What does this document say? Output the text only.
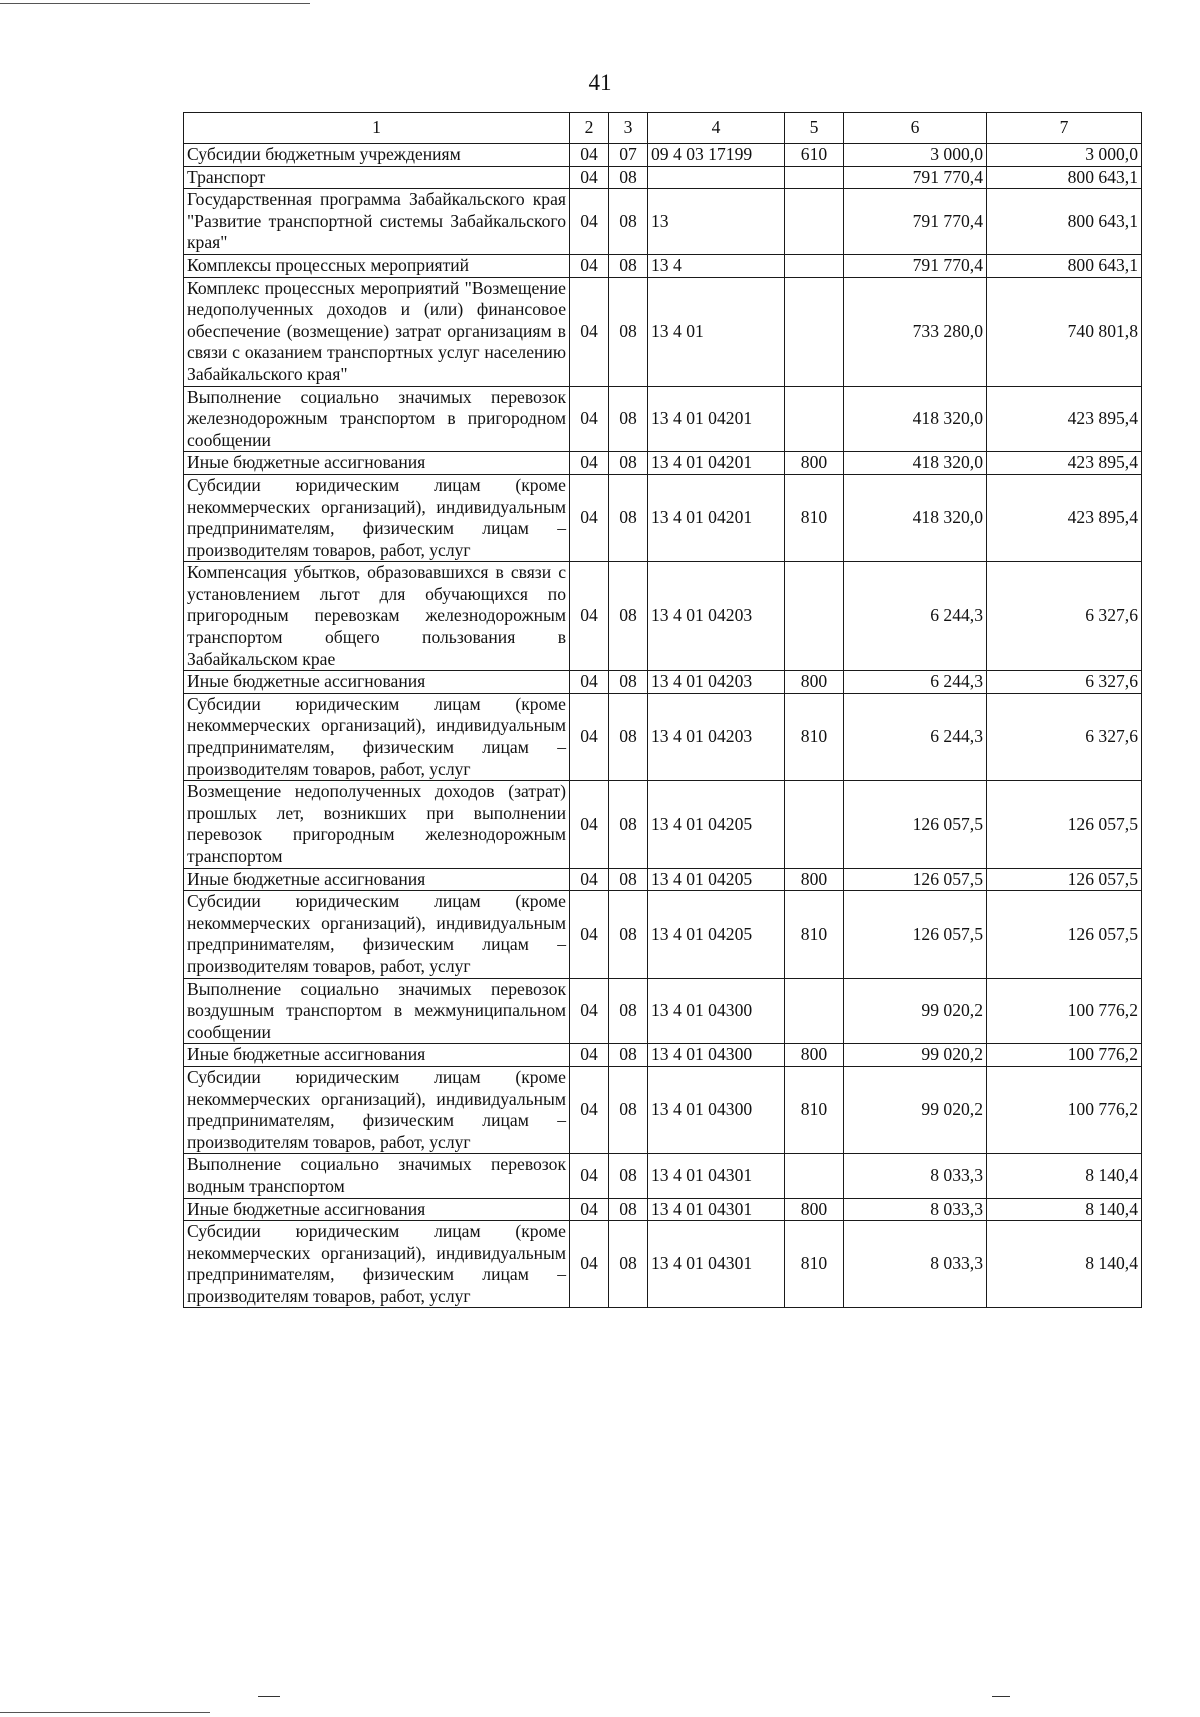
41
1	2	3	4	5	6	7
Субсидии бюджетным учреждениям	04	07	09 4 03 17199	610	3 000,0	3 000,0
Транспорт	04	08			791 770,4	800 643,1
Государственная программа Забайкальского края "Развитие транспортной системы Забайкальского края"	04	08	13		791 770,4	800 643,1
Комплексы процессных мероприятий	04	08	13 4		791 770,4	800 643,1
Комплекс процессных мероприятий "Возмещение недополученных доходов и (или) финансовое обеспечение (возмещение) затрат организациям в связи с оказанием транспортных услуг населению Забайкальского края"	04	08	13 4 01		733 280,0	740 801,8
Выполнение социально значимых перевозок железнодорожным транспортом в пригородном сообщении	04	08	13 4 01 04201		418 320,0	423 895,4
Иные бюджетные ассигнования	04	08	13 4 01 04201	800	418 320,0	423 895,4
Субсидии юридическим лицам (кроме некоммерческих организаций), индивидуальным предпринимателям, физическим лицам – производителям товаров, работ, услуг	04	08	13 4 01 04201	810	418 320,0	423 895,4
Компенсация убытков, образовавшихся в связи с установлением льгот для обучающихся по пригородным перевозкам железнодорожным транспортом общего пользования в Забайкальском крае	04	08	13 4 01 04203		6 244,3	6 327,6
Иные бюджетные ассигнования	04	08	13 4 01 04203	800	6 244,3	6 327,6
Субсидии юридическим лицам (кроме некоммерческих организаций), индивидуальным предпринимателям, физическим лицам – производителям товаров, работ, услуг	04	08	13 4 01 04203	810	6 244,3	6 327,6
Возмещение недополученных доходов (затрат) прошлых лет, возникших при выполнении перевозок пригородным железнодорожным транспортом	04	08	13 4 01 04205		126 057,5	126 057,5
Иные бюджетные ассигнования	04	08	13 4 01 04205	800	126 057,5	126 057,5
Субсидии юридическим лицам (кроме некоммерческих организаций), индивидуальным предпринимателям, физическим лицам – производителям товаров, работ, услуг	04	08	13 4 01 04205	810	126 057,5	126 057,5
Выполнение социально значимых перевозок воздушным транспортом в межмуниципальном сообщении	04	08	13 4 01 04300		99 020,2	100 776,2
Иные бюджетные ассигнования	04	08	13 4 01 04300	800	99 020,2	100 776,2
Субсидии юридическим лицам (кроме некоммерческих организаций), индивидуальным предпринимателям, физическим лицам – производителям товаров, работ, услуг	04	08	13 4 01 04300	810	99 020,2	100 776,2
Выполнение социально значимых перевозок водным транспортом	04	08	13 4 01 04301		8 033,3	8 140,4
Иные бюджетные ассигнования	04	08	13 4 01 04301	800	8 033,3	8 140,4
Субсидии юридическим лицам (кроме некоммерческих организаций), индивидуальным предпринимателям, физическим лицам – производителям товаров, работ, услуг	04	08	13 4 01 04301	810	8 033,3	8 140,4
